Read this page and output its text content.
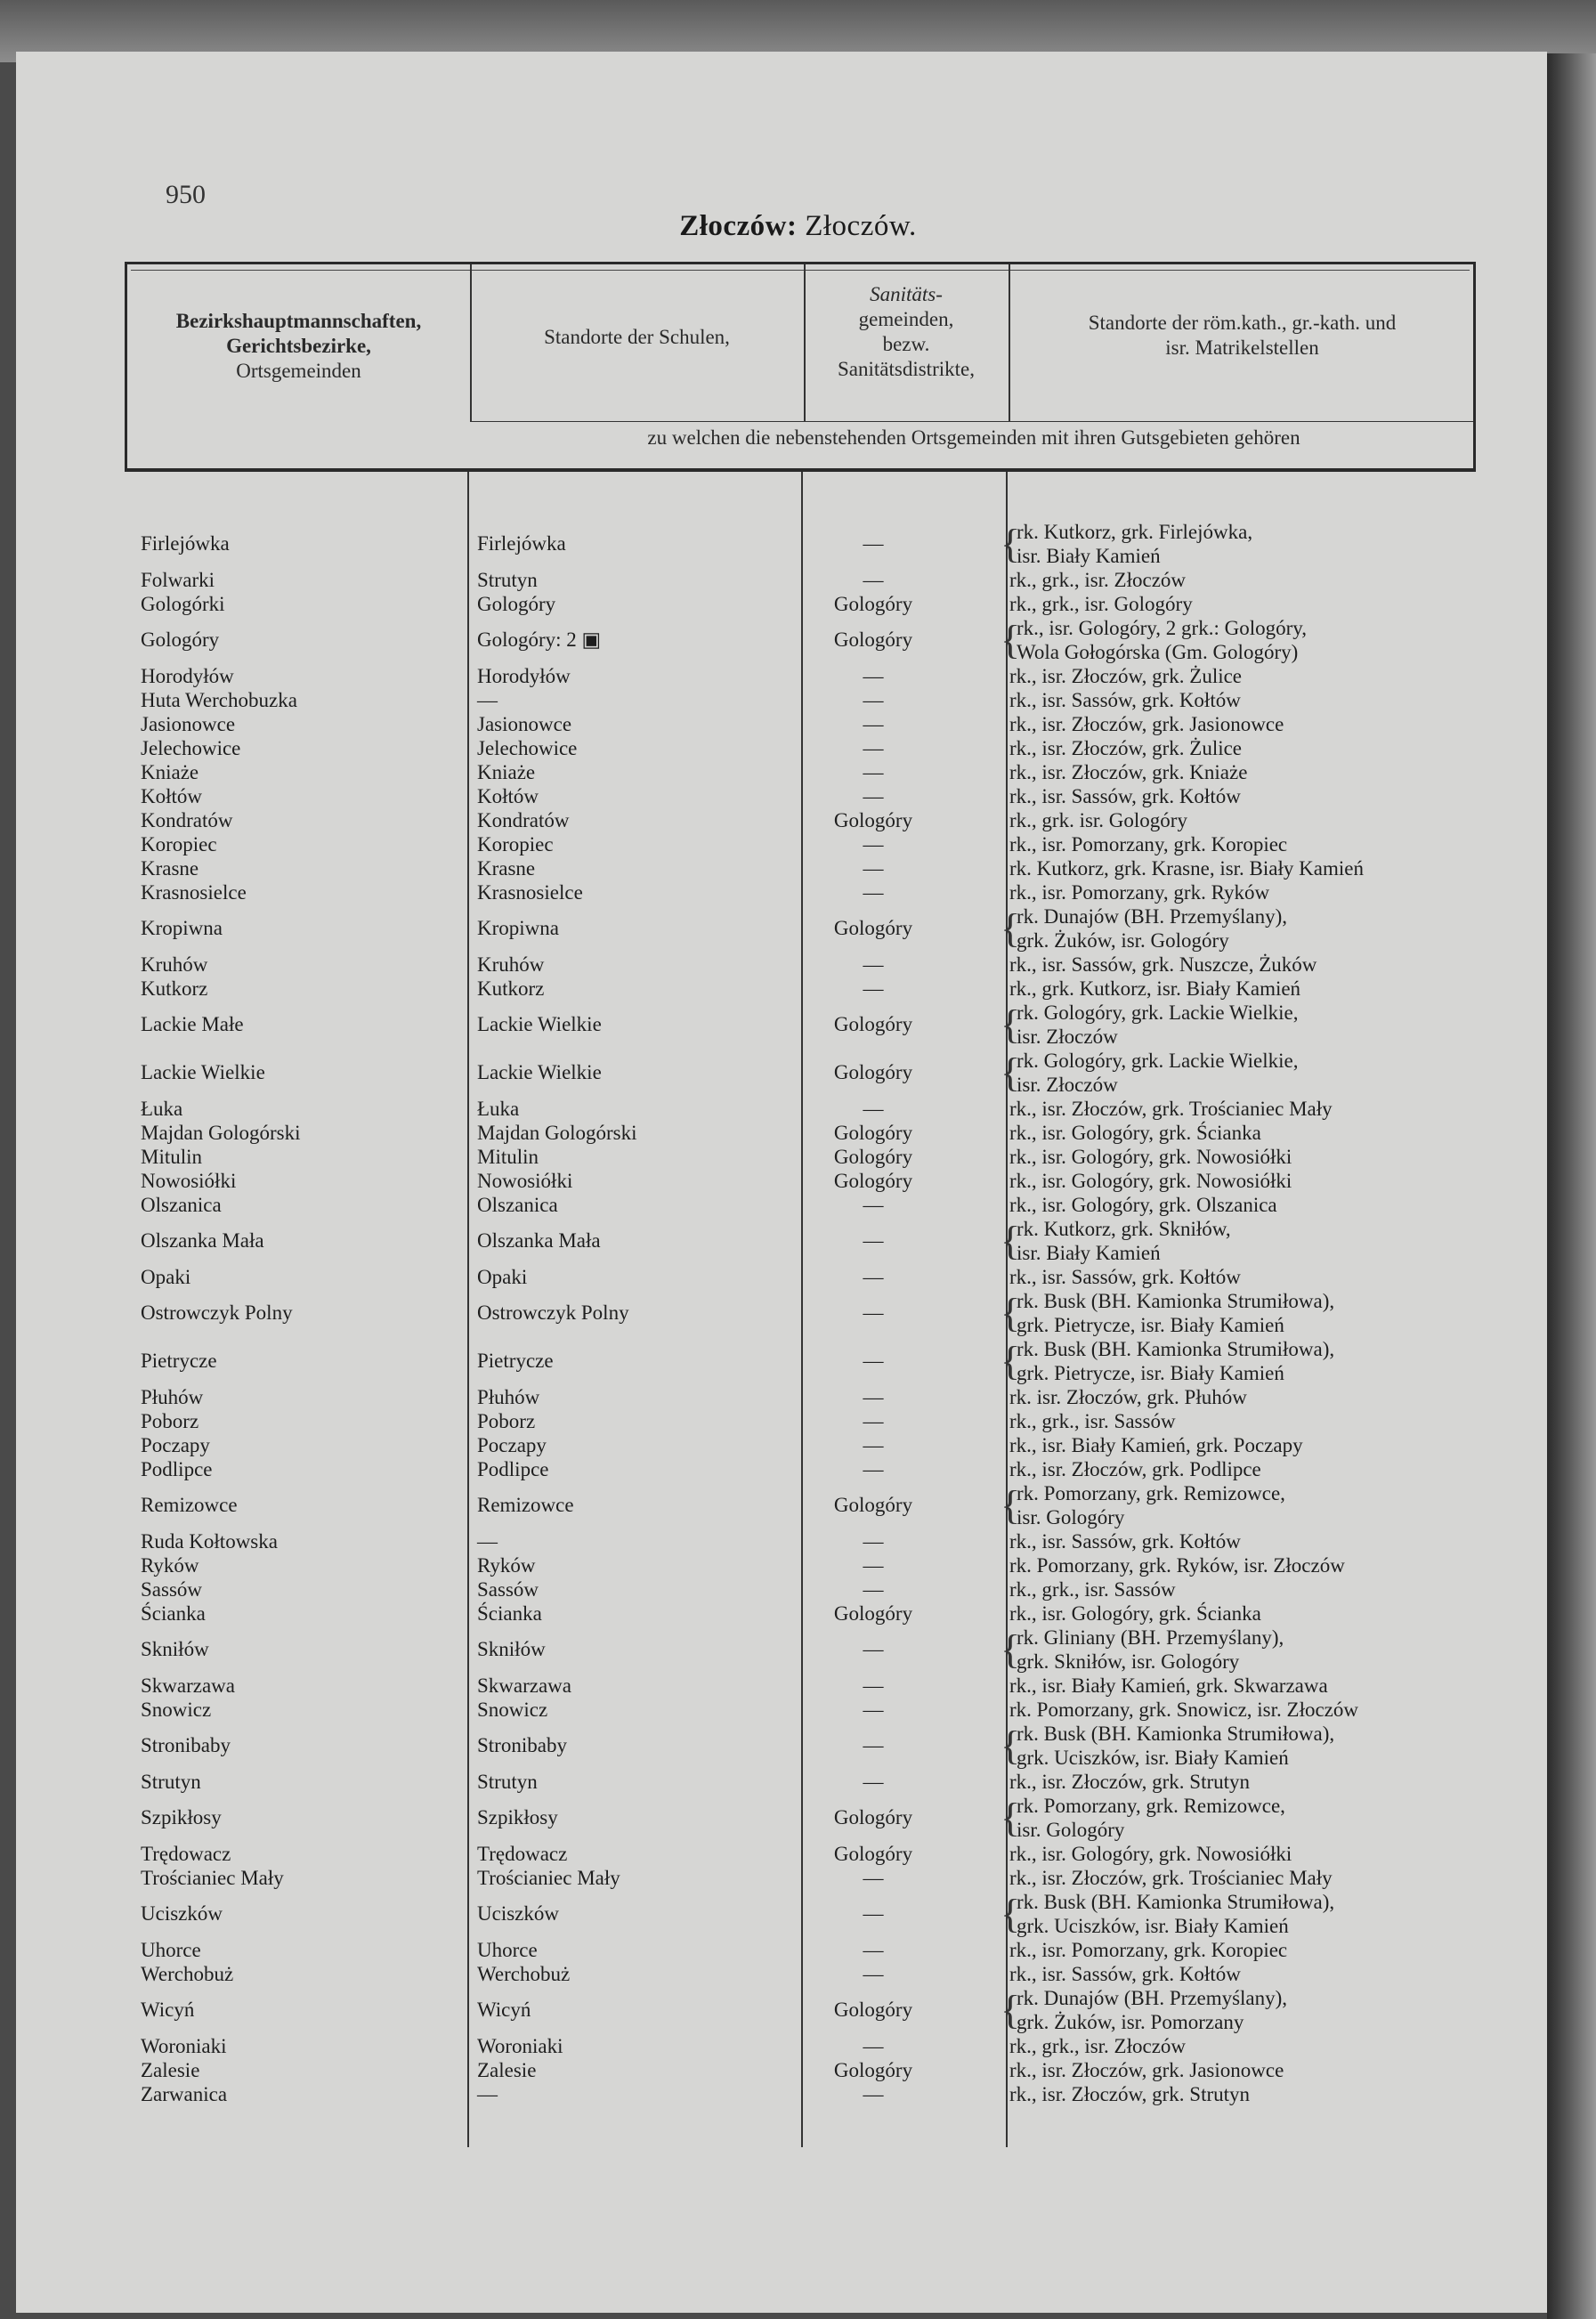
950
Złoczów: Złoczów.
Bezirkshauptmannschaften,
Gerichtsbezirke,
Ortsgemeinden
Standorte der Schulen,
Sanitäts-
gemeinden,
bezw.
Sanitätsdistrikte,
Standorte der röm.kath., gr.-kath. und
isr. Matrikelstellen
zu welchen die nebenstehenden Ortsgemeinden mit ihren Gutsgebieten gehören
Firlejówka	Firlejówka	—	{
rk. Kutkorz, grk. Firlejówka,
isr. Biały Kamień
Folwarki	Strutyn	—	rk., grk., isr. Złoczów
Gologórki	Gologóry	Gologóry	rk., grk., isr. Gologóry
Gologóry	Gologóry: 2 ▣	Gologóry	{
rk., isr. Gologóry, 2 grk.: Gologóry,
Wola Gołogórska (Gm. Gologóry)
Horodyłów	Horodyłów	—	rk., isr. Złoczów, grk. Żulice
Huta Werchobuzka	—	—	rk., isr. Sassów, grk. Kołtów
Jasionowce	Jasionowce	—	rk., isr. Złoczów, grk. Jasionowce
Jelechowice	Jelechowice	—	rk., isr. Złoczów, grk. Żulice
Kniaże	Kniaże	—	rk., isr. Złoczów, grk. Kniaże
Kołtów	Kołtów	—	rk., isr. Sassów, grk. Kołtów
Kondratów	Kondratów	Gologóry	rk., grk. isr. Gologóry
Koropiec	Koropiec	—	rk., isr. Pomorzany, grk. Koropiec
Krasne	Krasne	—	rk. Kutkorz, grk. Krasne, isr. Biały Kamień
Krasnosielce	Krasnosielce	—	rk., isr. Pomorzany, grk. Ryków
Kropiwna	Kropiwna	Gologóry	{
rk. Dunajów (BH. Przemyślany),
grk. Żuków, isr. Gologóry
Kruhów	Kruhów	—	rk., isr. Sassów, grk. Nuszcze, Żuków
Kutkorz	Kutkorz	—	rk., grk. Kutkorz, isr. Biały Kamień
Lackie Małe	Lackie Wielkie	Gologóry	{
rk. Gologóry, grk. Lackie Wielkie,
isr. Złoczów
Lackie Wielkie	Lackie Wielkie	Gologóry	{
rk. Gologóry, grk. Lackie Wielkie,
isr. Złoczów
Łuka	Łuka	—	rk., isr. Złoczów, grk. Trościaniec Mały
Majdan Gologórski	Majdan Gologórski	Gologóry	rk., isr. Gologóry, grk. Ścianka
Mitulin	Mitulin	Gologóry	rk., isr. Gologóry, grk. Nowosiółki
Nowosiółki	Nowosiółki	Gologóry	rk., isr. Gologóry, grk. Nowosiółki
Olszanica	Olszanica	—	rk., isr. Gologóry, grk. Olszanica
Olszanka Mała	Olszanka Mała	—	{
rk. Kutkorz, grk. Skniłów,
isr. Biały Kamień
Opaki	Opaki	—	rk., isr. Sassów, grk. Kołtów
Ostrowczyk Polny	Ostrowczyk Polny	—	{
rk. Busk (BH. Kamionka Strumiłowa),
grk. Pietrycze, isr. Biały Kamień
Pietrycze	Pietrycze	—	{
rk. Busk (BH. Kamionka Strumiłowa),
grk. Pietrycze, isr. Biały Kamień
Płuhów	Płuhów	—	rk. isr. Złoczów, grk. Płuhów
Poborz	Poborz	—	rk., grk., isr. Sassów
Poczapy	Poczapy	—	rk., isr. Biały Kamień, grk. Poczapy
Podlipce	Podlipce	—	rk., isr. Złoczów, grk. Podlipce
Remizowce	Remizowce	Gologóry	{
rk. Pomorzany, grk. Remizowce,
isr. Gologóry
Ruda Kołtowska	—	—	rk., isr. Sassów, grk. Kołtów
Ryków	Ryków	—	rk. Pomorzany, grk. Ryków, isr. Złoczów
Sassów	Sassów	—	rk., grk., isr. Sassów
Ścianka	Ścianka	Gologóry	rk., isr. Gologóry, grk. Ścianka
Skniłów	Skniłów	—	{
rk. Gliniany (BH. Przemyślany),
grk. Skniłów, isr. Gologóry
Skwarzawa	Skwarzawa	—	rk., isr. Biały Kamień, grk. Skwarzawa
Snowicz	Snowicz	—	rk. Pomorzany, grk. Snowicz, isr. Złoczów
Stronibaby	Stronibaby	—	{
rk. Busk (BH. Kamionka Strumiłowa),
grk. Uciszków, isr. Biały Kamień
Strutyn	Strutyn	—	rk., isr. Złoczów, grk. Strutyn
Szpikłosy	Szpikłosy	Gologóry	{
rk. Pomorzany, grk. Remizowce,
isr. Gologóry
Trędowacz	Trędowacz	Gologóry	rk., isr. Gologóry, grk. Nowosiółki
Trościaniec Mały	Trościaniec Mały	—	rk., isr. Złoczów, grk. Trościaniec Mały
Uciszków	Uciszków	—	{
rk. Busk (BH. Kamionka Strumiłowa),
grk. Uciszków, isr. Biały Kamień
Uhorce	Uhorce	—	rk., isr. Pomorzany, grk. Koropiec
Werchobuż	Werchobuż	—	rk., isr. Sassów, grk. Kołtów
Wicyń	Wicyń	Gologóry	{
rk. Dunajów (BH. Przemyślany),
grk. Żuków, isr. Pomorzany
Woroniaki	Woroniaki	—	rk., grk., isr. Złoczów
Zalesie	Zalesie	Gologóry	rk., isr. Złoczów, grk. Jasionowce
Zarwanica	—	—	rk., isr. Złoczów, grk. Strutyn
